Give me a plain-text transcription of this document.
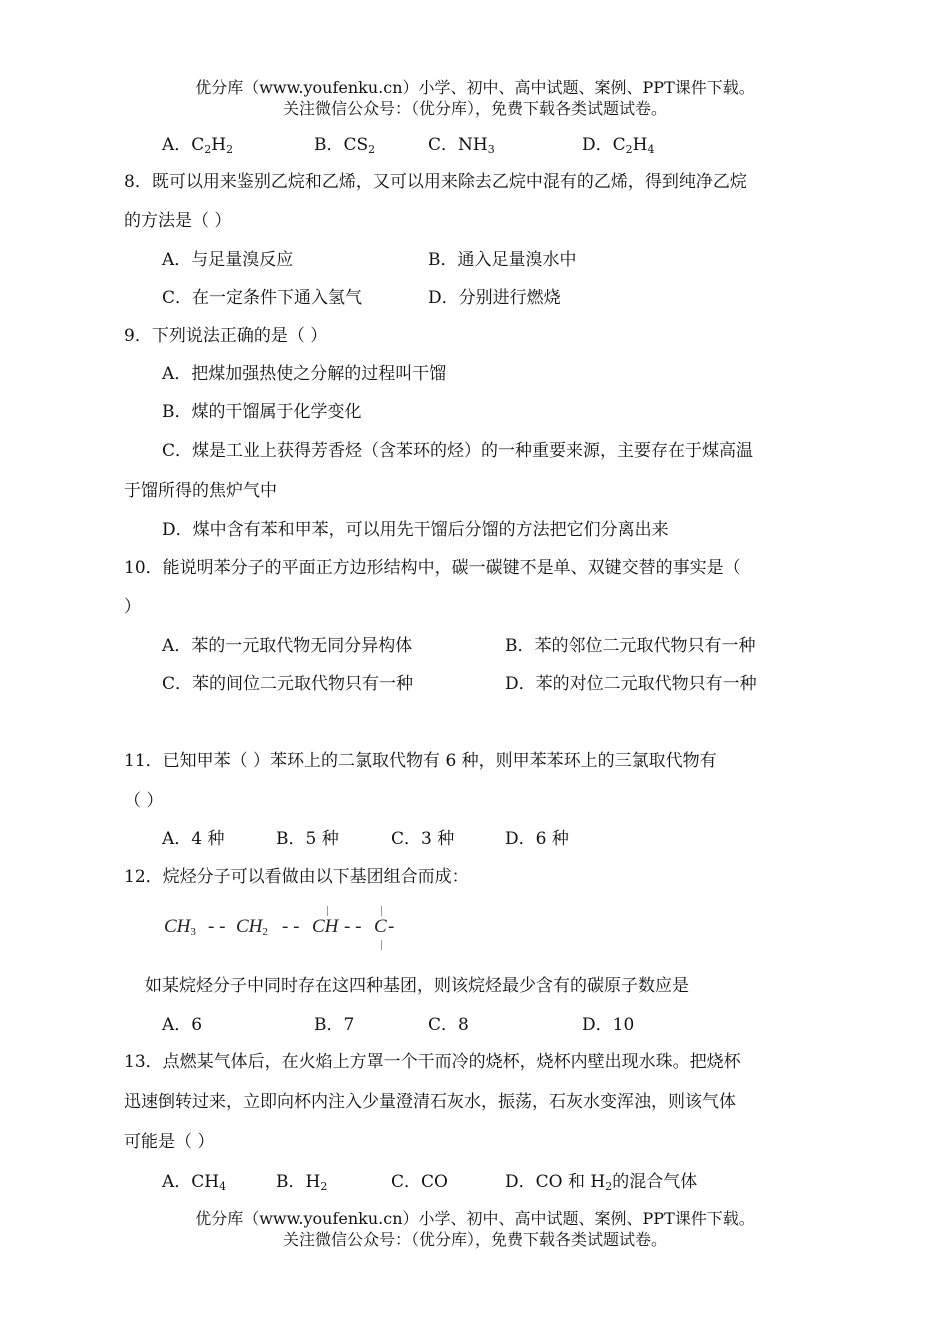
优分库（www.youfenku.cn）小学、初中、高中试题、案例、PPT课件下载。
关注微信公众号：（优分库），免费下载各类试题试卷。
A．$C_2H_2$	B．$CS_2$	C．$NH_3$	D．$C_2H_4$
8．既可以用来鉴别乙烷和乙烯，又可以用来除去乙烷中混有的乙烯，得到纯净乙烷
的方法是（ ）
A．与足量溴反应	B．通入足量溴水中
C．在一定条件下通入氢气	D．分别进行燃烧
9．下列说法正确的是（ ）
A．把煤加强热使之分解的过程叫干馏
B．煤的干馏属于化学变化
C．煤是工业上获得芳香烃（含苯环的烃）的一种重要来源，主要存在于煤高温
于馏所得的焦炉气中
D．煤中含有苯和甲苯，可以用先干馏后分馏的方法把它们分离出来
10．能说明苯分子的平面正方边形结构中，碳一碳键不是单、双键交替的事实是（
）
A．苯的一元取代物无同分异构体	B．苯的邻位二元取代物只有一种
C．苯的间位二元取代物只有一种	D．苯的对位二元取代物只有一种
11．已知甲苯（ ）苯环上的二氯取代物有 6 种，则甲苯苯环上的三氯取代物有
（ ）
A．4 种	B．5 种	C．3 种	D．6 种
12．烷烃分子可以看做由以下基团组合而成：
$CH_3$ - - $CH_2$ - - CH - - C -
如某烷烃分子中同时存在这四种基团，则该烷烃最少含有的碳原子数应是
A．6	B．7	C．8	D．10
13．点燃某气体后，在火焰上方罩一个干而冷的烧杯，烧杯内壁出现水珠。把烧杯
迅速倒转过来，立即向杯内注入少量澄清石灰水，振荡，石灰水变浑浊，则该气体
可能是（ ）
A．$CH_4$	B．$H_2$	C．CO	D．CO 和 $H_2$的混合气体
优分库（www.youfenku.cn）小学、初中、高中试题、案例、PPT课件下载。
关注微信公众号：（优分库），免费下载各类试题试卷。
